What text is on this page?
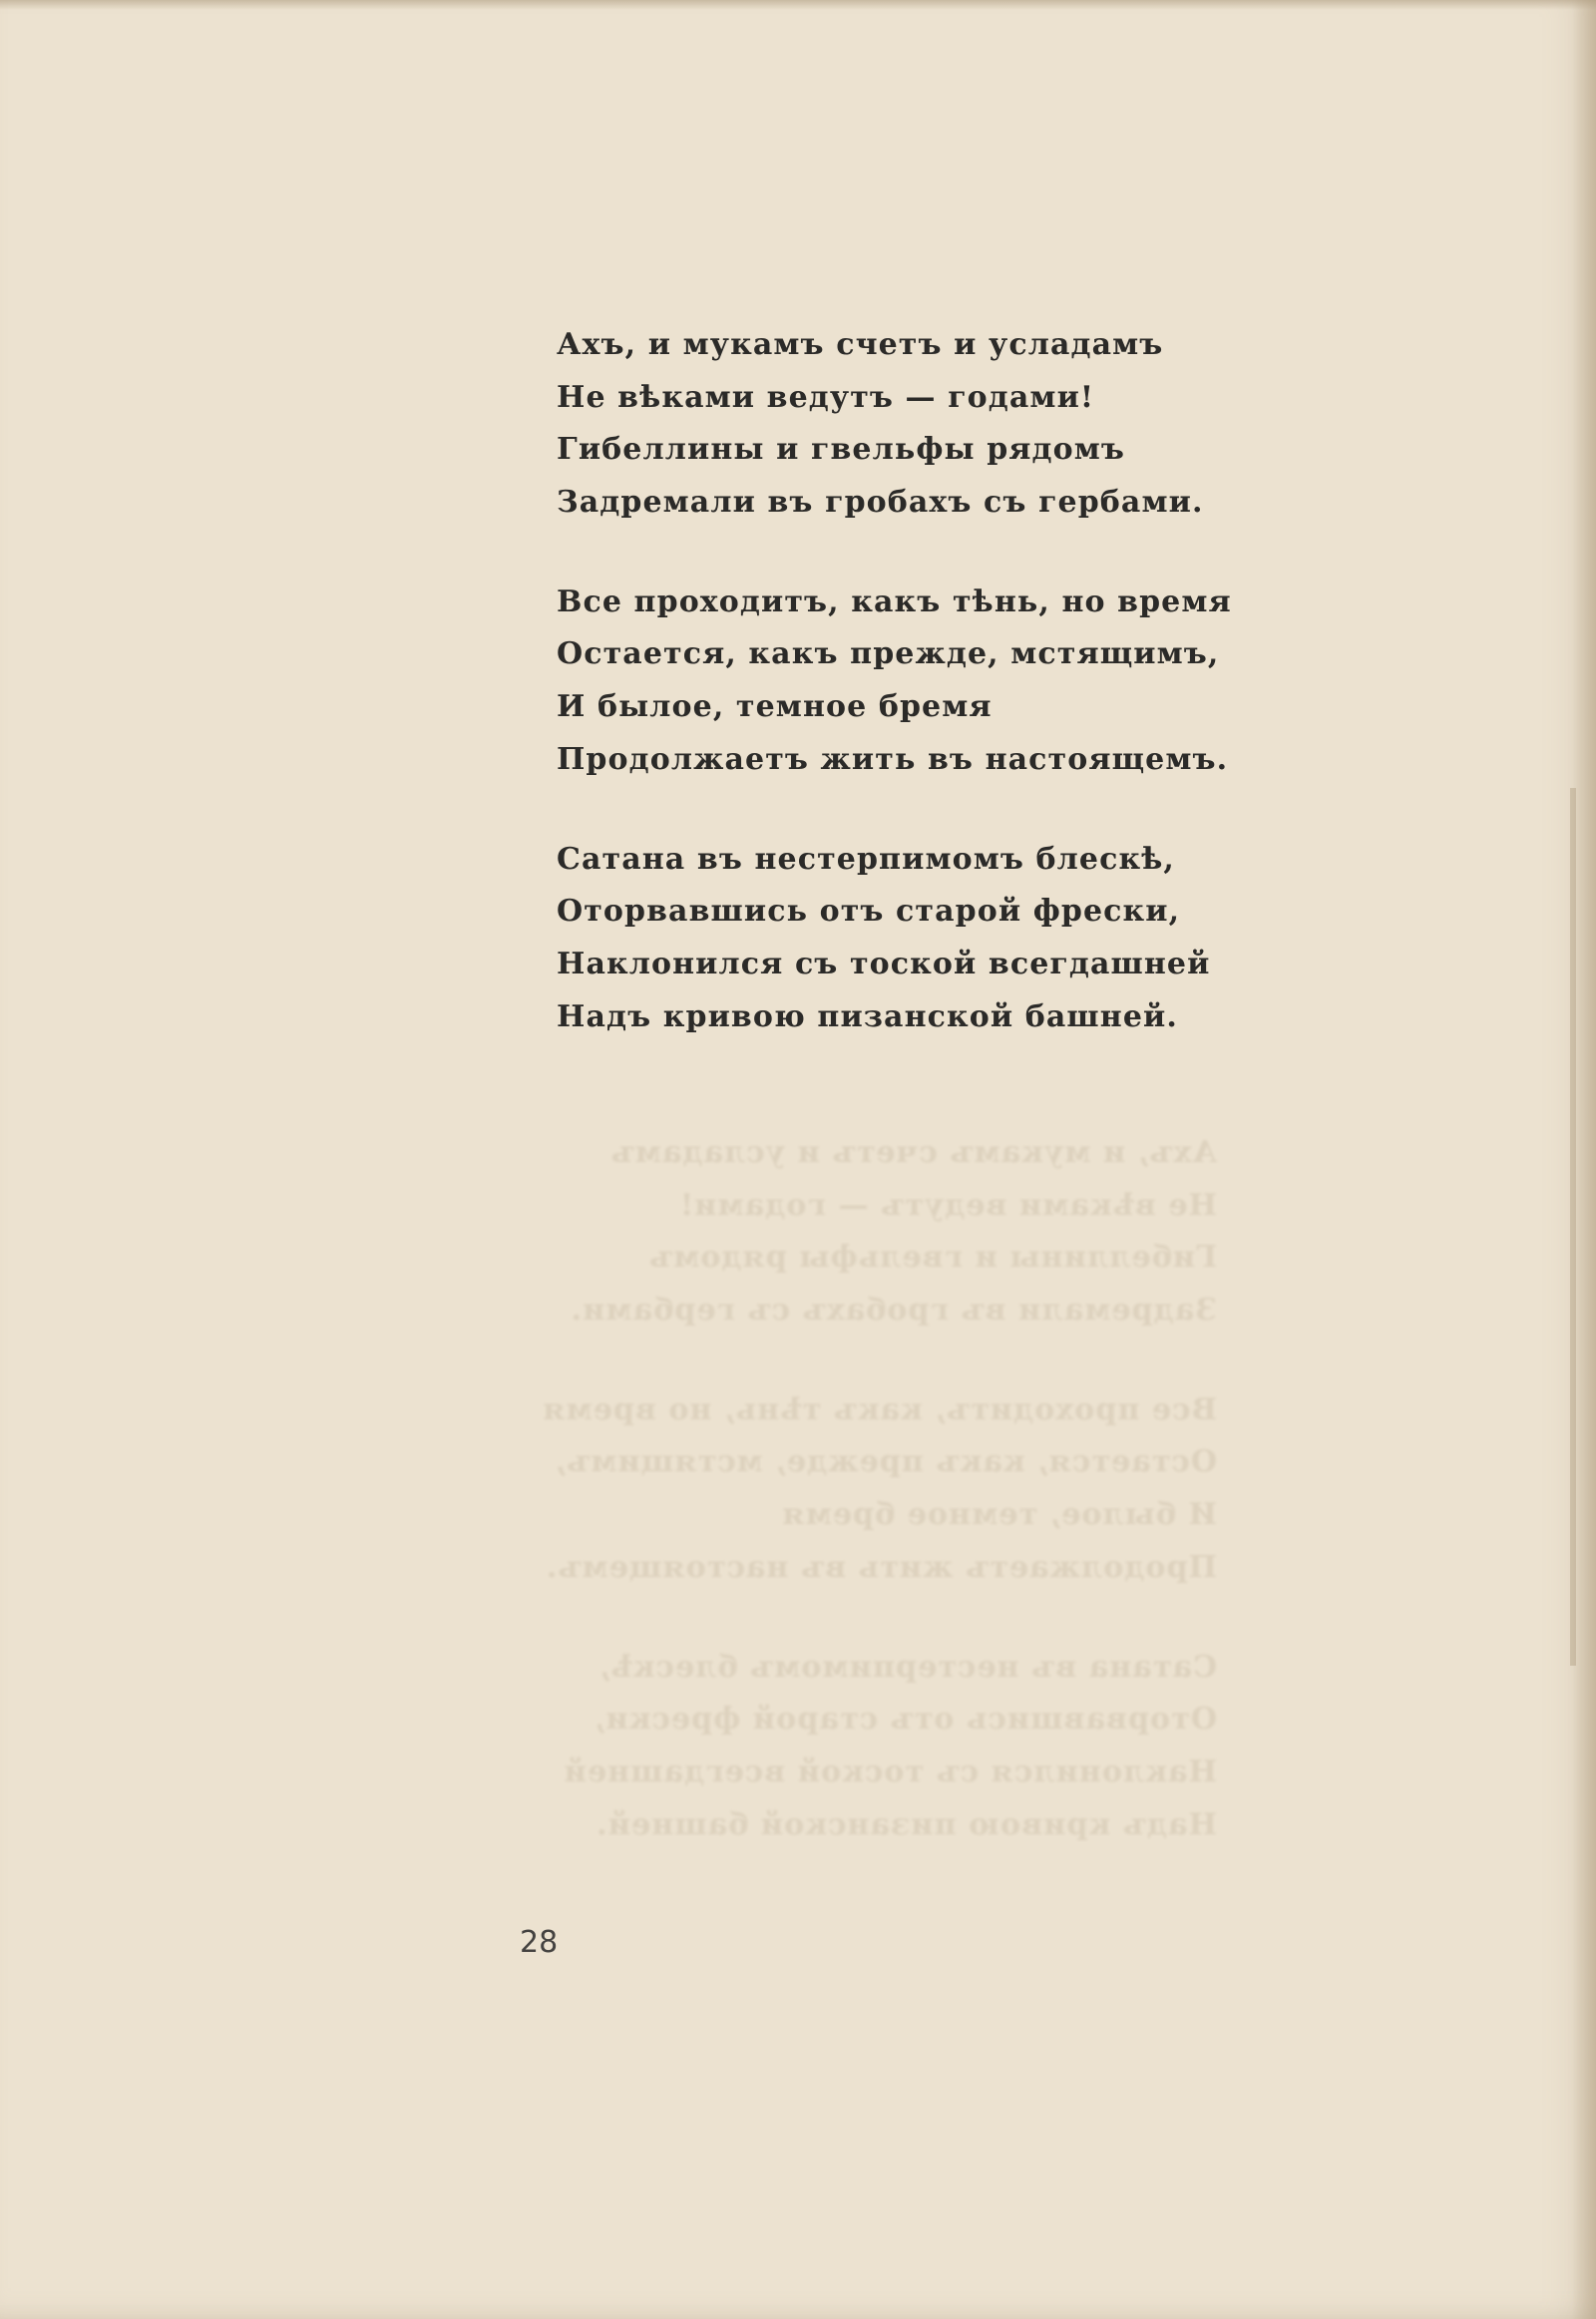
Ахъ, и мукамъ счетъ и усладамъ
Не вѣками ведутъ — годами!
Гибеллины и гвельфы рядомъ
Задремали въ гробахъ съ гербами.
Все проходитъ, какъ тѣнь, но время
Остается, какъ прежде, мстящимъ,
И былое, темное бремя
Продолжаетъ жить въ настоящемъ.
Сатана въ нестерпимомъ блескѣ,
Оторвавшись отъ старой фрески,
Наклонился съ тоской всегдашней
Надъ кривою пизанской башней.
Ахъ, и мукамъ счетъ и усладамъ
Не вѣками ведутъ — годами!
Гибеллины и гвельфы рядомъ
Задремали въ гробахъ съ гербами.
Все проходитъ, какъ тѣнь, но время
Остается, какъ прежде, мстящимъ,
И былое, темное бремя
Продолжаетъ жить въ настоящемъ.
Сатана въ нестерпимомъ блескѣ,
Оторвавшись отъ старой фрески,
Наклонился съ тоской всегдашней
Надъ кривою пизанской башней.
28
